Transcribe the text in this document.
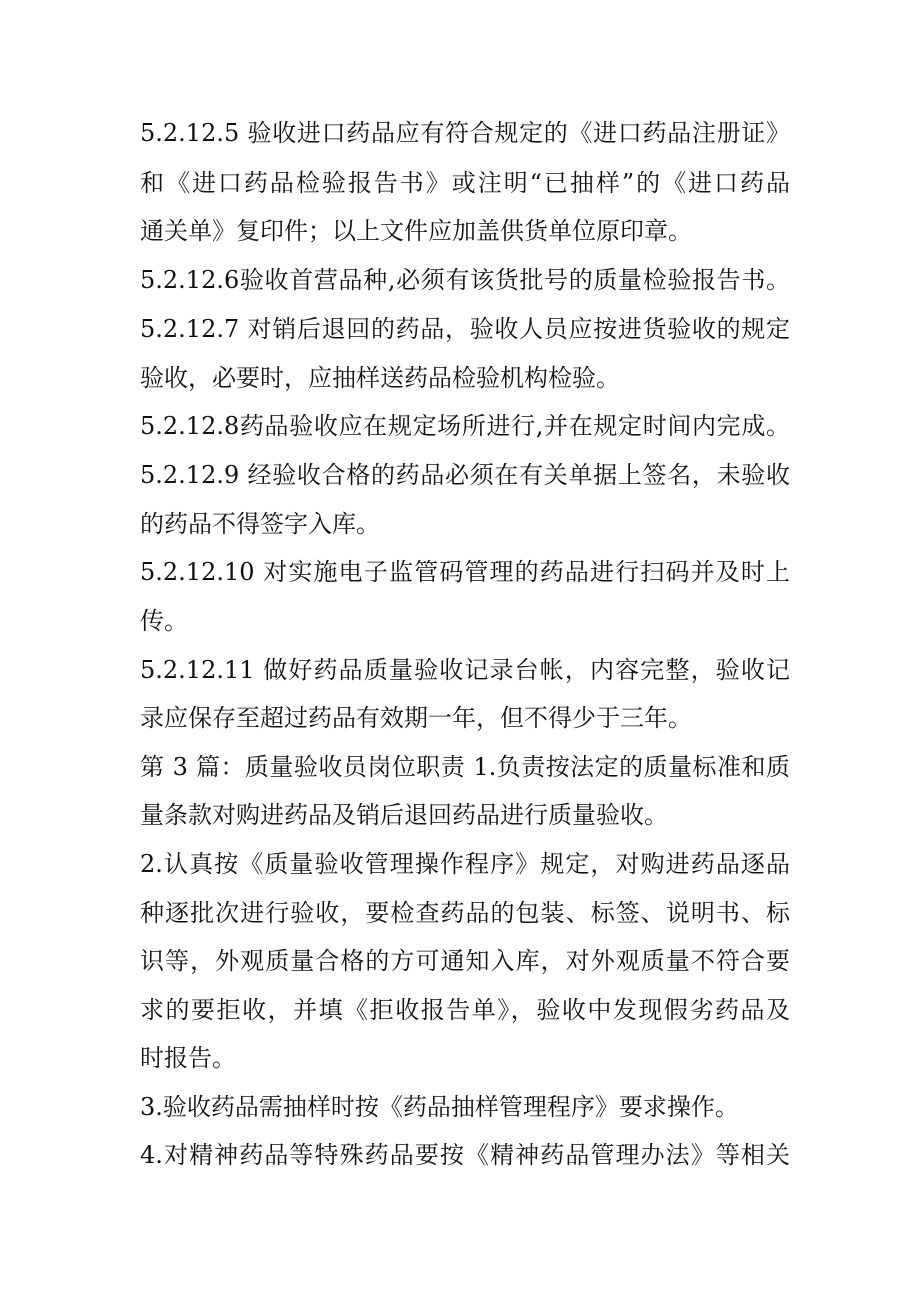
5.2.12.5 验收进口药品应有符合规定的《进口药品注册证》
和《进口药品检验报告书》或注明“已抽样”的《进口药品
通关单》复印件；以上文件应加盖供货单位原印章。
5.2.12.6验收首营品种,必须有该货批号的质量检验报告书。
5.2.12.7 对销后退回的药品，验收人员应按进货验收的规定
验收，必要时，应抽样送药品检验机构检验。
5.2.12.8药品验收应在规定场所进行,并在规定时间内完成。
5.2.12.9 经验收合格的药品必须在有关单据上签名，未验收
的药品不得签字入库。
5.2.12.10 对实施电子监管码管理的药品进行扫码并及时上
传。
5.2.12.11 做好药品质量验收记录台帐，内容完整，验收记
录应保存至超过药品有效期一年，但不得少于三年。
第 3 篇：质量验收员岗位职责 1.负责按法定的质量标准和质
量条款对购进药品及销后退回药品进行质量验收。
2.认真按《质量验收管理操作程序》规定，对购进药品逐品
种逐批次进行验收，要检查药品的包装、标签、说明书、标
识等，外观质量合格的方可通知入库，对外观质量不符合要
求的要拒收，并填《拒收报告单》，验收中发现假劣药品及
时报告。
3.验收药品需抽样时按《药品抽样管理程序》要求操作。
4.对精神药品等特殊药品要按《精神药品管理办法》等相关
